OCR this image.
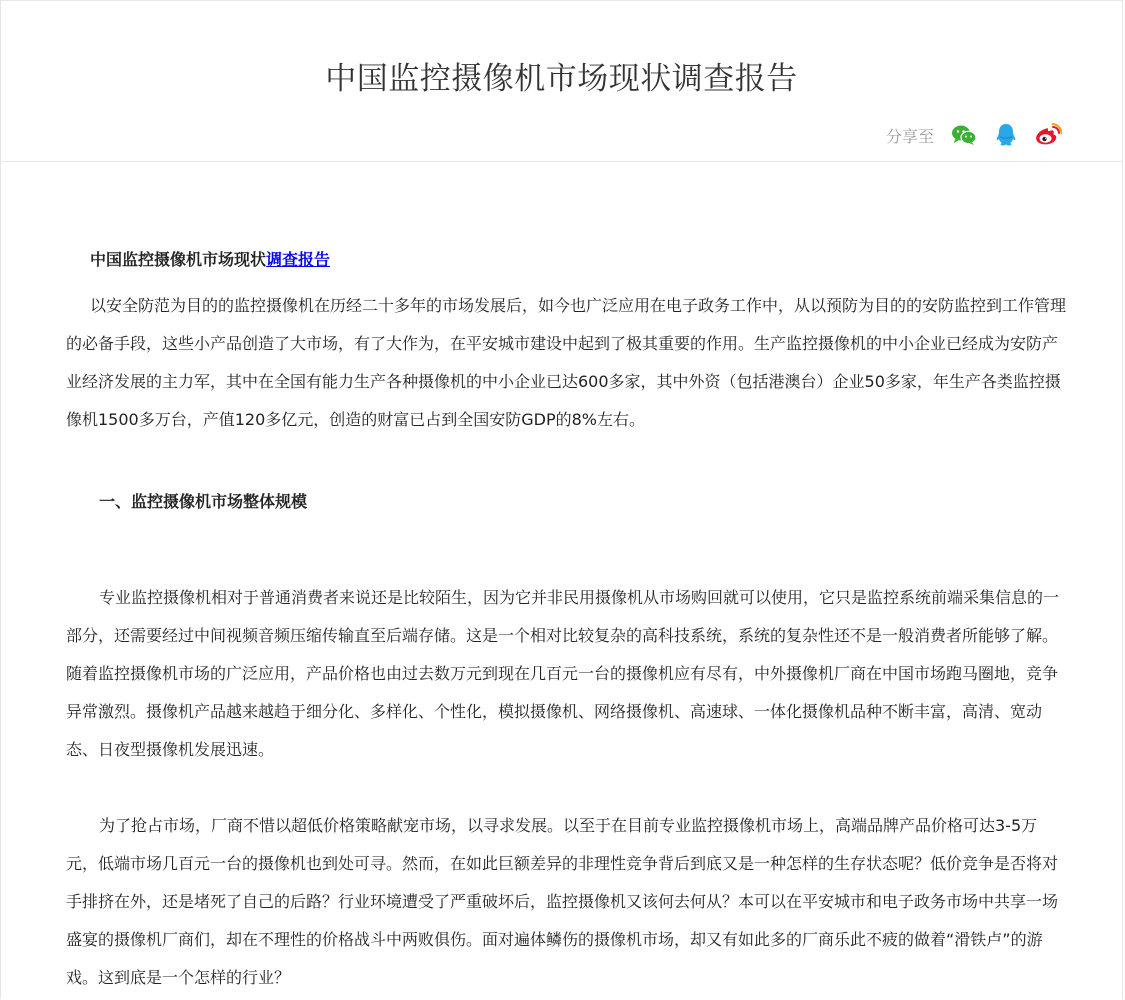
中国监控摄像机市场现状调查报告
分享至

中国监控摄像机市场现状调查报告

以安全防范为目的的监控摄像机在历经二十多年的市场发展后，如今也广泛应用在电子政务工作中，从以预防为目的的安防监控到工作管理的必备手段，这些小产品创造了大市场，有了大作为，在平安城市建设中起到了极其重要的作用。生产监控摄像机的中小企业已经成为安防产业经济发展的主力军，其中在全国有能力生产各种摄像机的中小企业已达600多家，其中外资（包括港澳台）企业50多家，年生产各类监控摄像机1500多万台，产值120多亿元，创造的财富已占到全国安防GDP的8%左右。

一、监控摄像机市场整体规模

专业监控摄像机相对于普通消费者来说还是比较陌生，因为它并非民用摄像机从市场购回就可以使用，它只是监控系统前端采集信息的一部分，还需要经过中间视频音频压缩传输直至后端存储。这是一个相对比较复杂的高科技系统，系统的复杂性还不是一般消费者所能够了解。随着监控摄像机市场的广泛应用，产品价格也由过去数万元到现在几百元一台的摄像机应有尽有，中外摄像机厂商在中国市场跑马圈地，竞争异常激烈。摄像机产品越来越趋于细分化、多样化、个性化，模拟摄像机、网络摄像机、高速球、一体化摄像机品种不断丰富，高清、宽动态、日夜型摄像机发展迅速。

为了抢占市场，厂商不惜以超低价格策略献宠市场，以寻求发展。以至于在目前专业监控摄像机市场上，高端品牌产品价格可达3-5万元，低端市场几百元一台的摄像机也到处可寻。然而，在如此巨额差异的非理性竞争背后到底又是一种怎样的生存状态呢？低价竞争是否将对手排挤在外，还是堵死了自己的后路？行业环境遭受了严重破坏后，监控摄像机又该何去何从？本可以在平安城市和电子政务市场中共享一场盛宴的摄像机厂商们，却在不理性的价格战斗中两败俱伤。面对遍体鳞伤的摄像机市场，却又有如此多的厂商乐此不疲的做着“滑铁卢”的游戏。这到底是一个怎样的行业？
